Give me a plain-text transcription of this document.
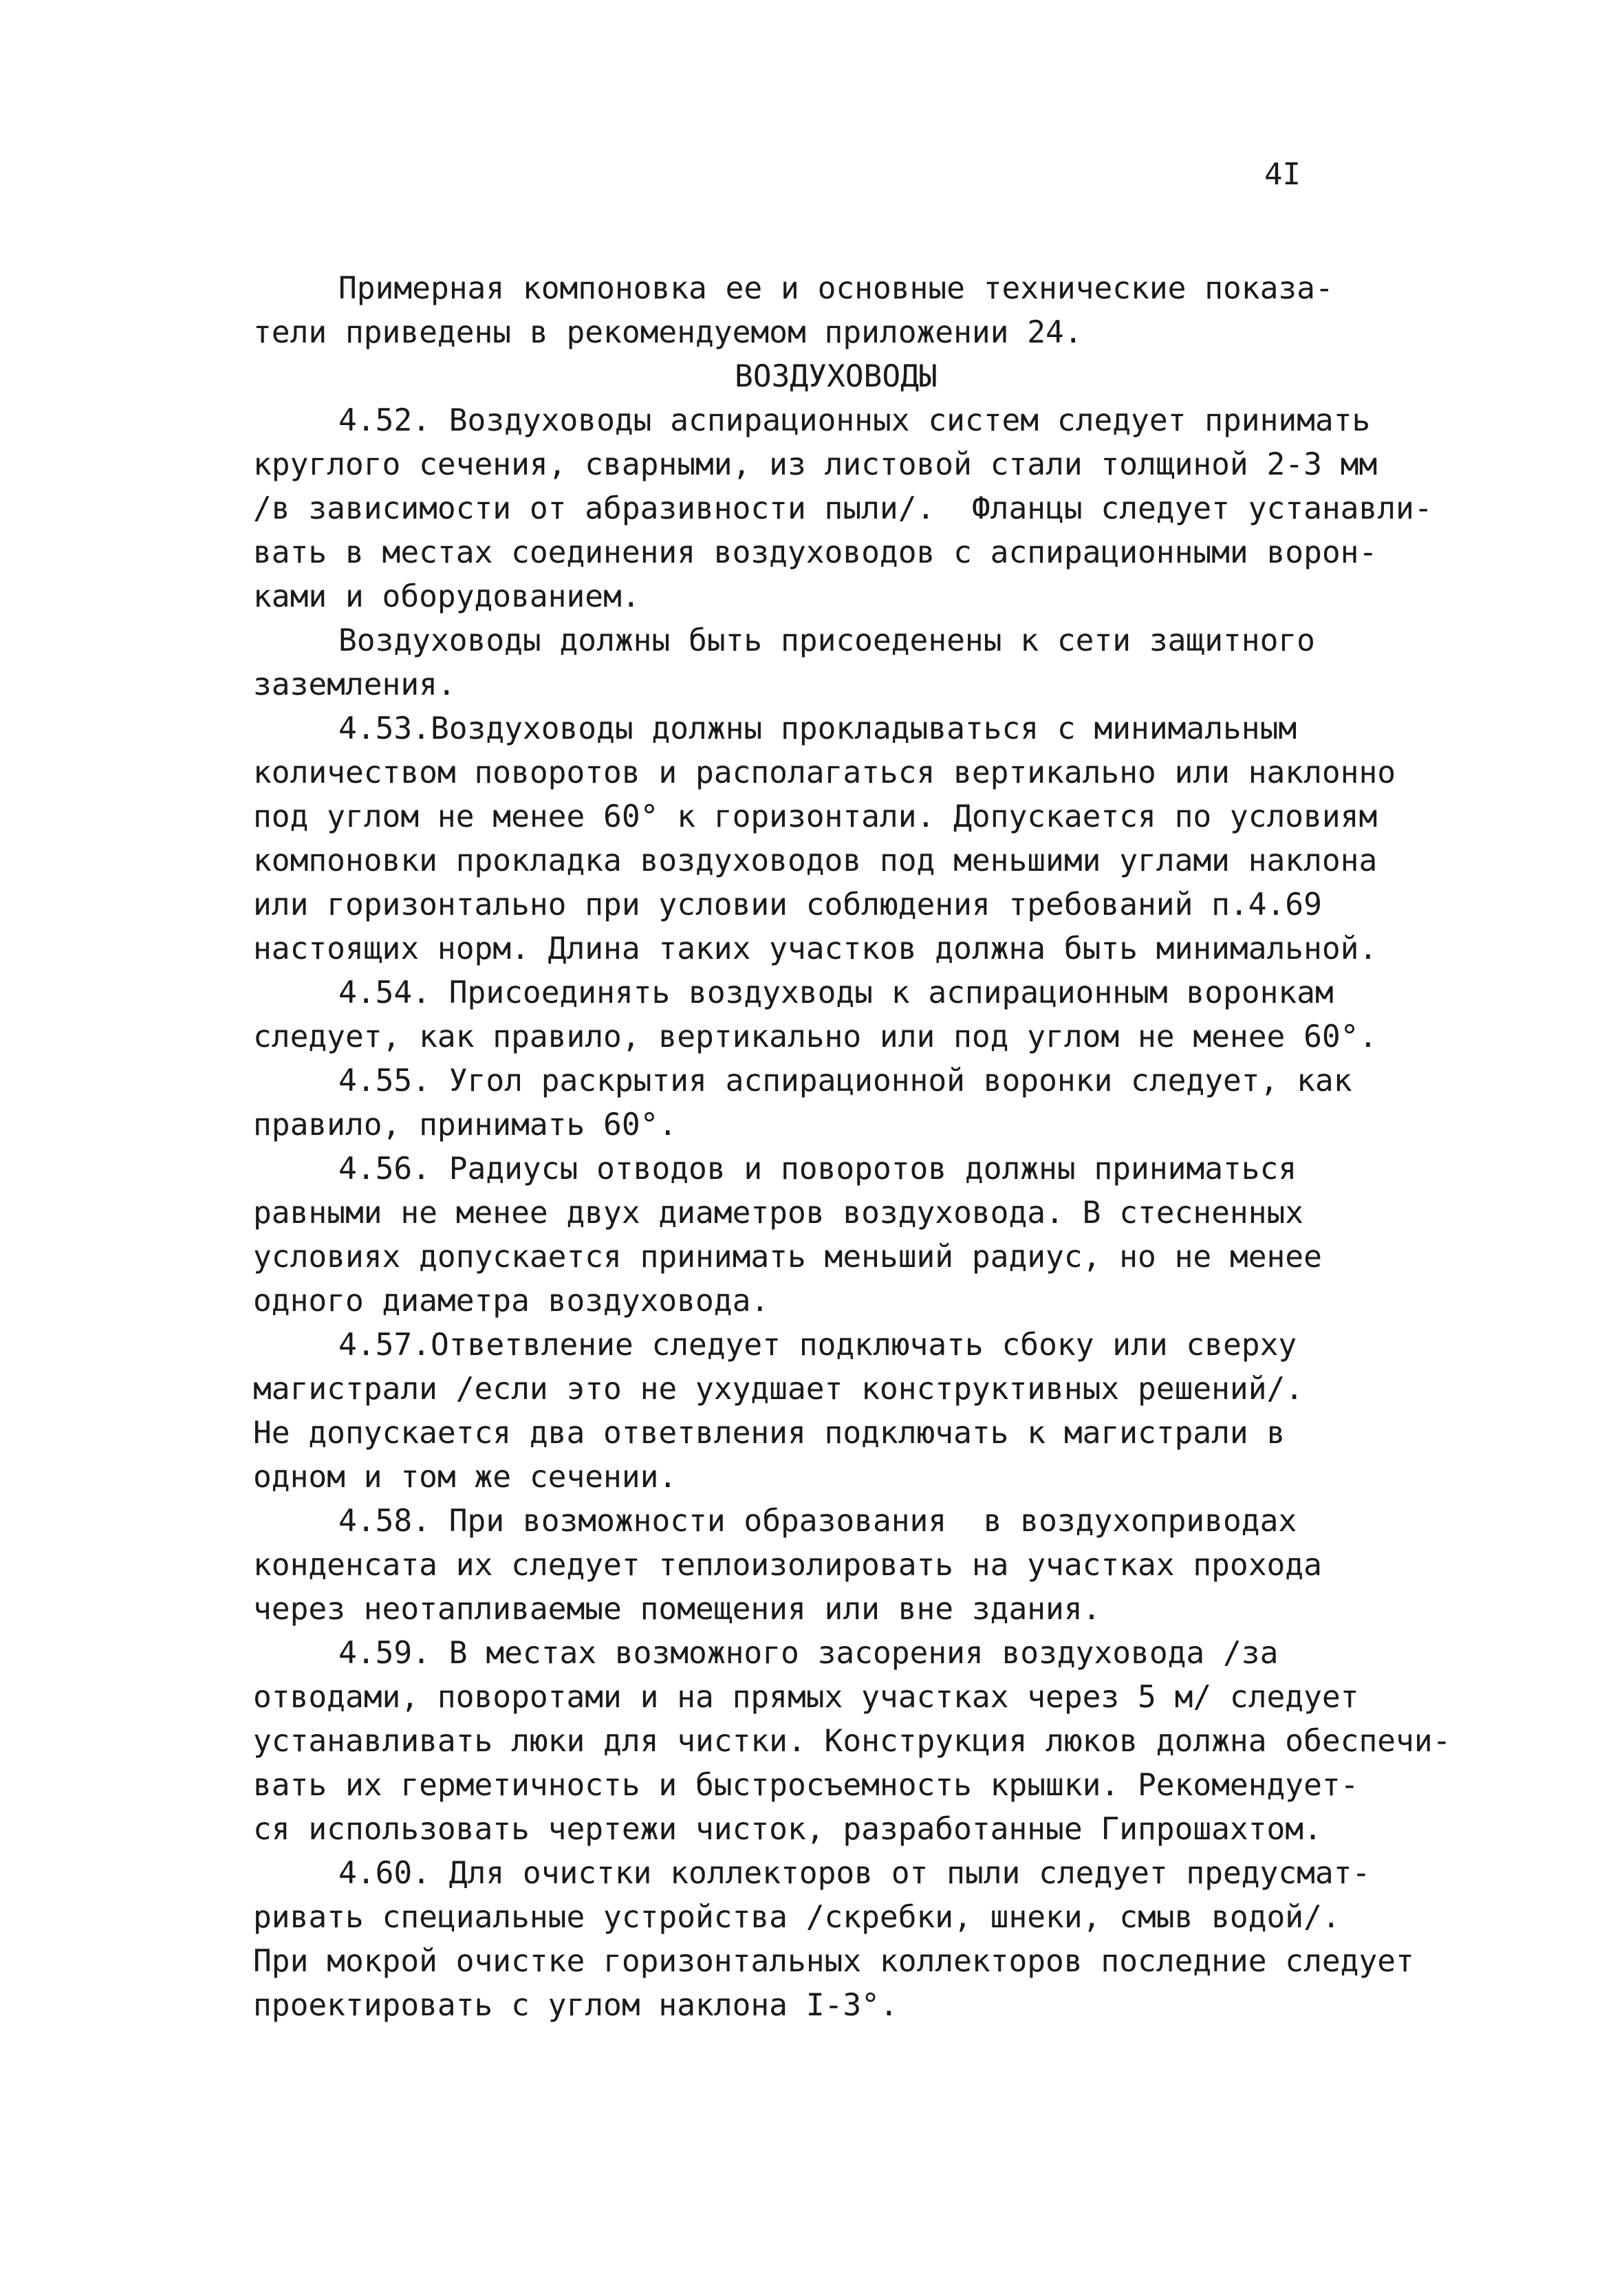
4I
Примерная компоновка ее и основные технические показа-
тели приведены в рекомендуемом приложении 24.
ВОЗДУХОВОДЫ
4.52. Воздуховоды аспирационных систем следует принимать
круглого сечения, сварными, из листовой стали толщиной 2-3 мм
/в зависимости от абразивности пыли/.  Фланцы следует устанавли-
вать в местах соединения воздуховодов с аспирационными ворон-
ками и оборудованием.
Воздуховоды должны быть присоеденены к сети защитного
заземления.
4.53.Воздуховоды должны прокладываться с минимальным
количеством поворотов и располагаться вертикально или наклонно
под углом не менее 60° к горизонтали. Допускается по условиям
компоновки прокладка воздуховодов под меньшими углами наклона
или горизонтально при условии соблюдения требований п.4.69
настоящих норм. Длина таких участков должна быть минимальной.
4.54. Присоединять воздухводы к аспирационным воронкам
следует, как правило, вертикально или под углом не менее 60°.
4.55. Угол раскрытия аспирационной воронки следует, как
правило, принимать 60°.
4.56. Радиусы отводов и поворотов должны приниматься
равными не менее двух диаметров воздуховода. В стесненных
условиях допускается принимать меньший радиус, но не менее
одного диаметра воздуховода.
4.57.Ответвление следует подключать сбоку или сверху
магистрали /если это не ухудшает конструктивных решений/.
Не допускается два ответвления подключать к магистрали в
одном и том же сечении.
4.58. При возможности образования  в воздухоприводах
конденсата их следует теплоизолировать на участках прохода
через неотапливаемые помещения или вне здания.
4.59. В местах возможного засорения воздуховода /за
отводами, поворотами и на прямых участках через 5 м/ следует
устанавливать люки для чистки. Конструкция люков должна обеспечи-
вать их герметичность и быстросъемность крышки. Рекомендует-
ся использовать чертежи чисток, разработанные Гипрошахтом.
4.60. Для очистки коллекторов от пыли следует предусмат-
ривать специальные устройства /скребки, шнеки, смыв водой/.
При мокрой очистке горизонтальных коллекторов последние следует
проектировать с углом наклона I-3°.
